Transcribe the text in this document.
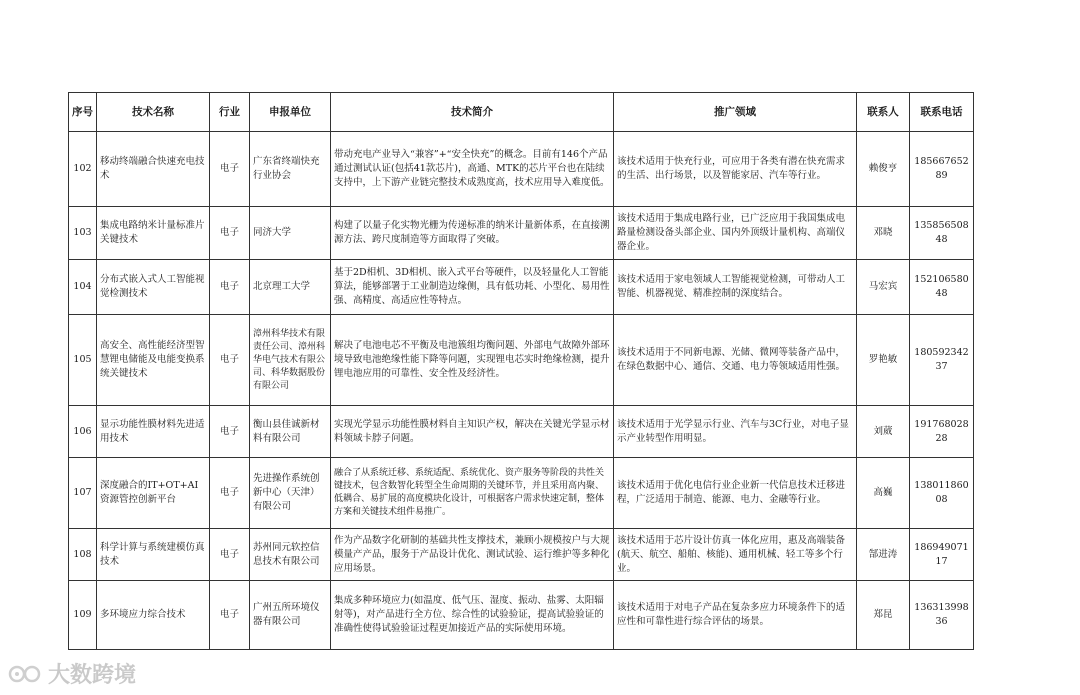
序号	技术名称	行业	申报单位	技术简介	推广领域	联系人	联系电话
102	移动终端融合快速充电技术	电子	广东省终端快充行业协会	带动充电产业导入“兼容”+“安全快充”的概念。目前有146个产品通过测试认证(包括41款芯片)，高通、MTK的芯片平台也在陆续支持中，上下游产业链完整技术成熟度高，技术应用导入难度低。	该技术适用于快充行业，可应用于各类有潜在快充需求的生活、出行场景，以及智能家居、汽车等行业。	赖俊亨	18566765289
103	集成电路纳米计量标准片关键技术	电子	同济大学	构建了以量子化实物光栅为传递标准的纳米计量新体系，在直接溯源方法、跨尺度制造等方面取得了突破。	该技术适用于集成电路行业，已广泛应用于我国集成电路量检测设备头部企业、国内外顶级计量机构、高端仪器企业。	邓晓	13585650848
104	分布式嵌入式人工智能视觉检测技术	电子	北京理工大学	基于2D相机、3D相机、嵌入式平台等硬件，以及轻量化人工智能算法，能够部署于工业制造边缘侧，具有低功耗、小型化、易用性强、高精度、高适应性等特点。	该技术适用于家电领域人工智能视觉检测，可带动人工智能、机器视觉、精准控制的深度结合。	马宏宾	15210658048
105	高安全、高性能经济型智慧锂电储能及电能变换系统关键技术	电子	漳州科华技术有限责任公司、漳州科华电气技术有限公司、科华数据股份有限公司	解决了电池电芯不平衡及电池簇组均衡问题、外部电气故障外部环境导致电池绝缘性能下降等问题，实现锂电芯实时绝缘检测，提升锂电池应用的可靠性、安全性及经济性。	该技术适用于不同新电源、光储、微网等装备产品中，在绿色数据中心、通信、交通、电力等领域适用性强。	罗艳敏	18059234237
106	显示功能性膜材料先进适用技术	电子	衡山县佳诚新材料有限公司	实现光学显示功能性膜材料自主知识产权，解决在关键光学显示材料领域卡脖子问题。	该技术适用于光学显示行业、汽车与3C行业，对电子显示产业转型作用明显。	刘葳	19176802828
107	深度融合的IT+OT+AI资源管控创新平台	电子	先进操作系统创新中心（天津）有限公司	融合了从系统迁移、系统适配、系统优化、资产服务等阶段的共性关键技术，包含数智化转型全生命周期的关键环节，并且采用高内聚、低耦合、易扩展的高度模块化设计，可根据客户需求快速定制，整体方案和关键技术组件易推广。	该技术适用于优化电信行业企业新一代信息技术迁移进程，广泛适用于制造、能源、电力、金融等行业。	高巍	13801186008
108	科学计算与系统建模仿真技术	电子	苏州同元软控信息技术有限公司	作为产品数字化研制的基础共性支撑技术，兼顾小规模按户与大规模量产产品，服务于产品设计优化、测试试验、运行维护等多种化应用场景。	该技术适用于芯片设计仿真一体化应用，惠及高端装备(航天、航空、船舶、核能)、通用机械、轻工等多个行业。	郜进涛	18694907117
109	多环境应力综合技术	电子	广州五所环境仪器有限公司	集成多种环境应力(如温度、低气压、湿度、振动、盐雾、太阳辐射等)，对产品进行全方位、综合性的试验验证，提高试验验证的准确性使得试验验证过程更加接近产品的实际使用环境。	该技术适用于对电子产品在复杂多应力环境条件下的适应性和可靠性进行综合评估的场景。	郑昆	13631399836
大数跨境
